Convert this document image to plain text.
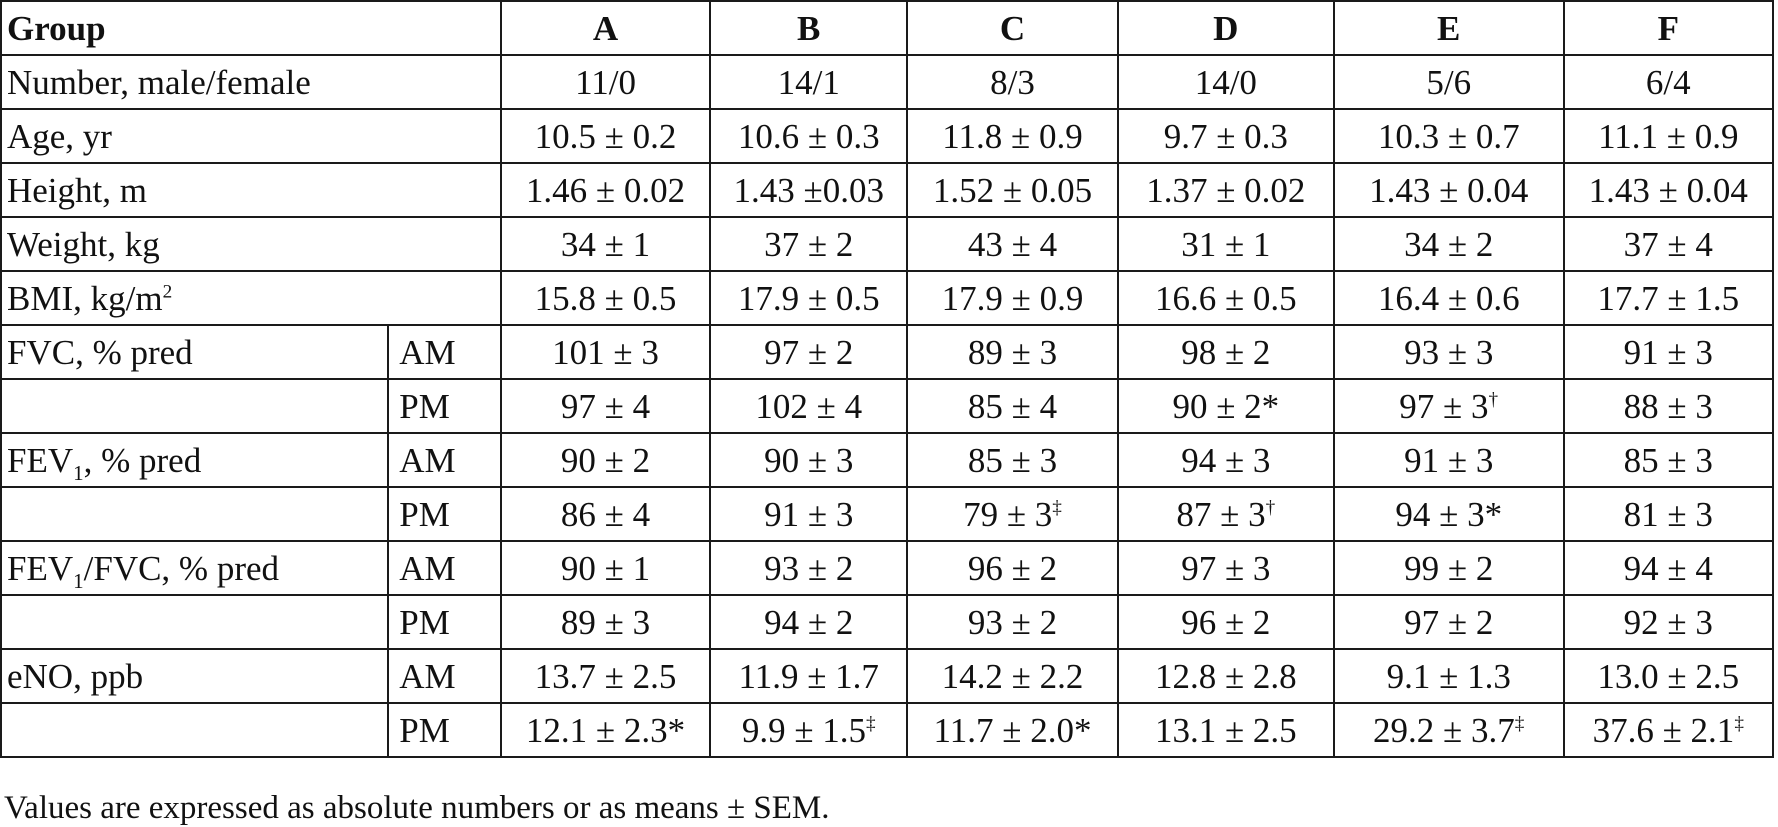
Group		A	B	C	D	E	F
Number, male/female		11/0	14/1	8/3	14/0	5/6	6/4
Age, yr		10.5 ± 0.2	10.6 ± 0.3	11.8 ± 0.9	9.7 ± 0.3	10.3 ± 0.7	11.1 ± 0.9
Height, m		1.46 ± 0.02	1.43 ±0.03	1.52 ± 0.05	1.37 ± 0.02	1.43 ± 0.04	1.43 ± 0.04
Weight, kg		34 ± 1	37 ± 2	43 ± 4	31 ± 1	34 ± 2	37 ± 4
BMI, $kg/m^2$		15.8 ± 0.5	17.9 ± 0.5	17.9 ± 0.9	16.6 ± 0.5	16.4 ± 0.6	17.7 ± 1.5
FVC, % pred	AM	101 ± 3	97 ± 2	89 ± 3	98 ± 2	93 ± 3	91 ± 3
	PM	97 ± 4	102 ± 4	85 ± 4	90 ± 2*	97 ± 3†	88 ± 3
$FEV_1$, % pred	AM	90 ± 2	90 ± 3	85 ± 3	94 ± 3	91 ± 3	85 ± 3
	PM	86 ± 4	91 ± 3	79 ± 3‡	87 ± 3†	94 ± 3*	81 ± 3
$FEV_1$/FVC, % pred	AM	90 ± 1	93 ± 2	96 ± 2	97 ± 3	99 ± 2	94 ± 4
	PM	89 ± 3	94 ± 2	93 ± 2	96 ± 2	97 ± 2	92 ± 3
eNO, ppb	AM	13.7 ± 2.5	11.9 ± 1.7	14.2 ± 2.2	12.8 ± 2.8	9.1 ± 1.3	13.0 ± 2.5
	PM	12.1 ± 2.3*	9.9 ± 1.5‡	11.7 ± 2.0*	13.1 ± 2.5	29.2 ± 3.7‡	37.6 ± 2.1‡
Values are expressed as absolute numbers or as means ± SEM.
